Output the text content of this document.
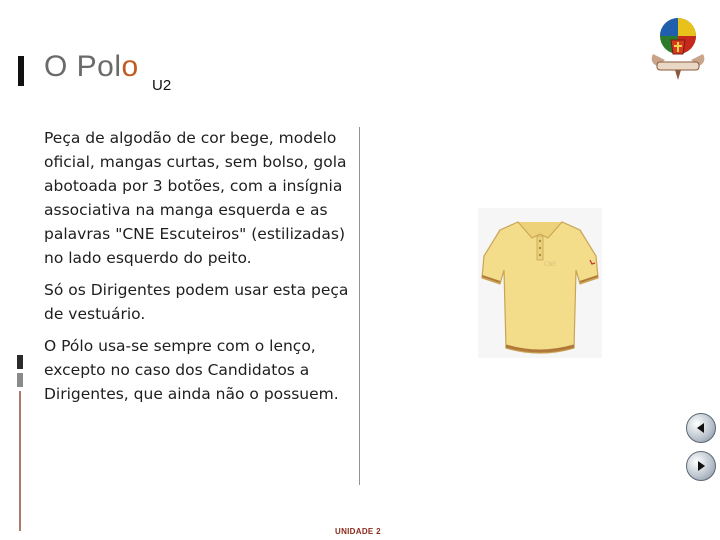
O Polo
U2

Peça de algodão de cor bege, modelo oficial, mangas curtas, sem bolso, gola abotoada por 3 botões, com a insígnia associativa na manga esquerda e as palavras "CNE Escuteiros" (estilizadas) no lado esquerdo do peito.

Só os Dirigentes podem usar esta peça de vestuário.

O Pólo usa-se sempre com o lenço, excepto no caso dos Candidatos a Dirigentes, que ainda não o possuem.

CNE
UNIDADE 2
